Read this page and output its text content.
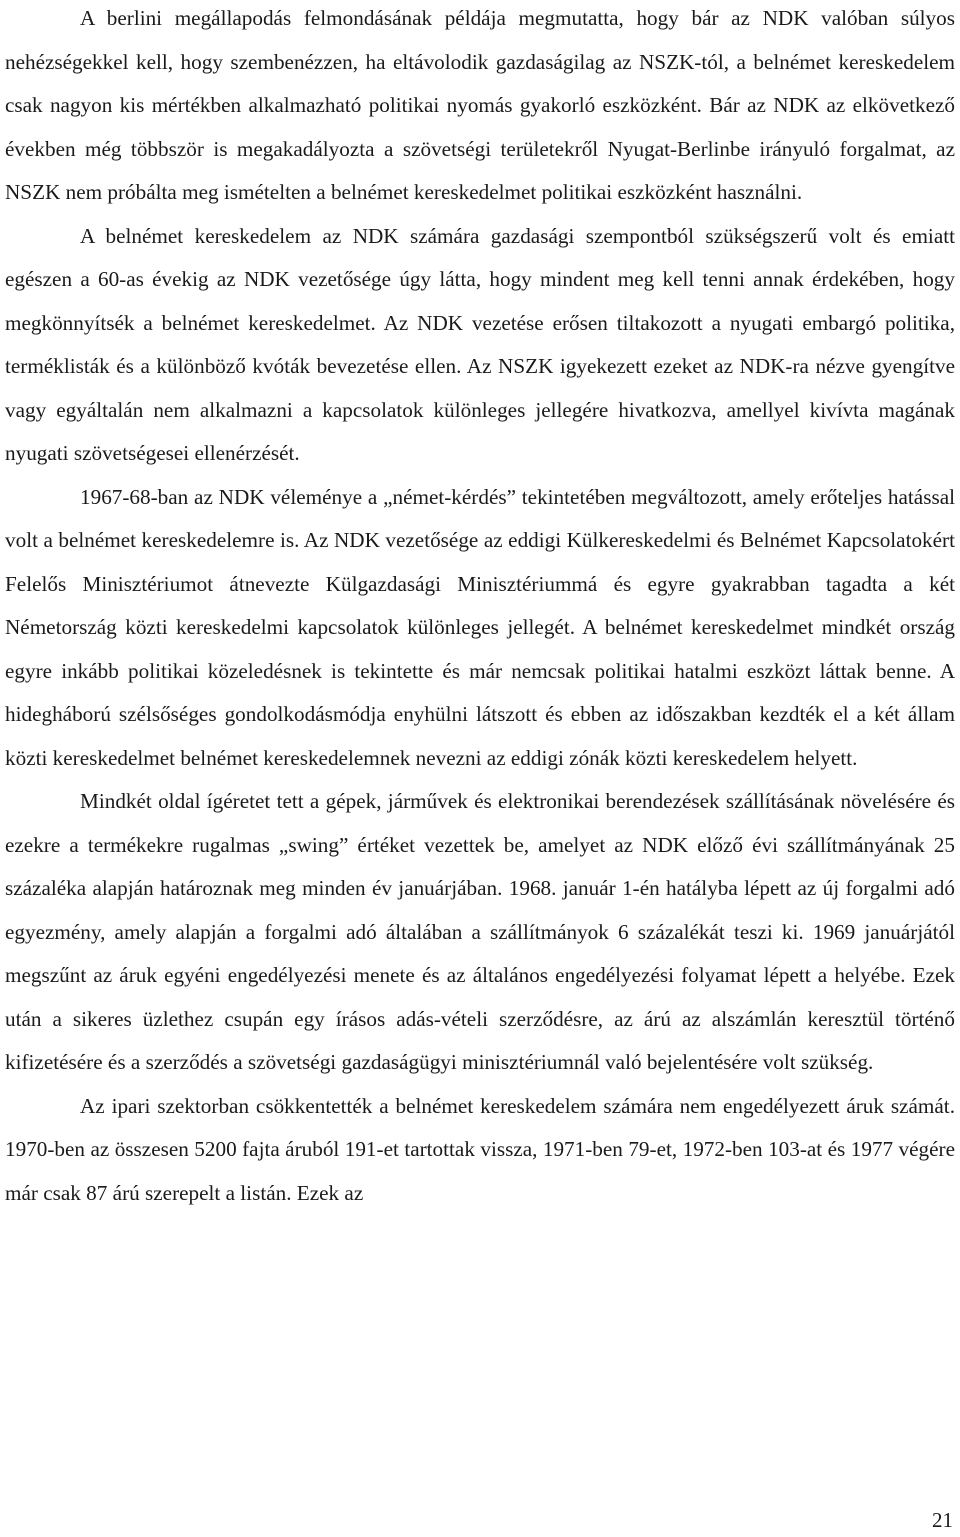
A berlini megállapodás felmondásának példája megmutatta, hogy bár az NDK valóban súlyos nehézségekkel kell, hogy szembenézzen, ha eltávolodik gazdaságilag az NSZK-tól, a belnémet kereskedelem csak nagyon kis mértékben alkalmazható politikai nyomás gyakorló eszközként. Bár az NDK az elkövetkező években még többször is megakadályozta a szövetségi területekről Nyugat-Berlinbe irányuló forgalmat, az NSZK nem próbálta meg ismételten a belnémet kereskedelmet politikai eszközként használni.

A belnémet kereskedelem az NDK számára gazdasági szempontból szükségszerű volt és emiatt egészen a 60-as évekig az NDK vezetősége úgy látta, hogy mindent meg kell tenni annak érdekében, hogy megkönnyítsék a belnémet kereskedelmet. Az NDK vezetése erősen tiltakozott a nyugati embargó politika, terméklisták és a különböző kvóták bevezetése ellen. Az NSZK igyekezett ezeket az NDK-ra nézve gyengítve vagy egyáltalán nem alkalmazni a kapcsolatok különleges jellegére hivatkozva, amellyel kivívta magának nyugati szövetségesei ellenérzését.

1967-68-ban az NDK véleménye a „német-kérdés” tekintetében megváltozott, amely erőteljes hatással volt a belnémet kereskedelemre is. Az NDK vezetősége az eddigi Külkereskedelmi és Belnémet Kapcsolatokért Felelős Minisztériumot átnevezte Külgazdasági Minisztériummá és egyre gyakrabban tagadta a két Németország közti kereskedelmi kapcsolatok különleges jellegét. A belnémet kereskedelmet mindkét ország egyre inkább politikai közeledésnek is tekintette és már nemcsak politikai hatalmi eszközt láttak benne. A hidegháború szélsőséges gondolkodásmódja enyhülni látszott és ebben az időszakban kezdték el a két állam közti kereskedelmet belnémet kereskedelemnek nevezni az eddigi zónák közti kereskedelem helyett.

Mindkét oldal ígéretet tett a gépek, járművek és elektronikai berendezések szállításának növelésére és ezekre a termékekre rugalmas „swing” értéket vezettek be, amelyet az NDK előző évi szállítmányának 25 százaléka alapján határoznak meg minden év januárjában. 1968. január 1-én hatályba lépett az új forgalmi adó egyezmény, amely alapján a forgalmi adó általában a szállítmányok 6 százalékát teszi ki. 1969 januárjától megszűnt az áruk egyéni engedélyezési menete és az általános engedélyezési folyamat lépett a helyébe. Ezek után a sikeres üzlethez csupán egy írásos adás-vételi szerződésre, az árú az alszámlán keresztül történő kifizetésére és a szerződés a szövetségi gazdaságügyi minisztériumnál való bejelentésére volt szükség.

Az ipari szektorban csökkentették a belnémet kereskedelem számára nem engedélyezett áruk számát. 1970-ben az összesen 5200 fajta áruból 191-et tartottak vissza, 1971-ben 79-et, 1972-ben 103-at és 1977 végére már csak 87 árú szerepelt a listán. Ezek az

21
